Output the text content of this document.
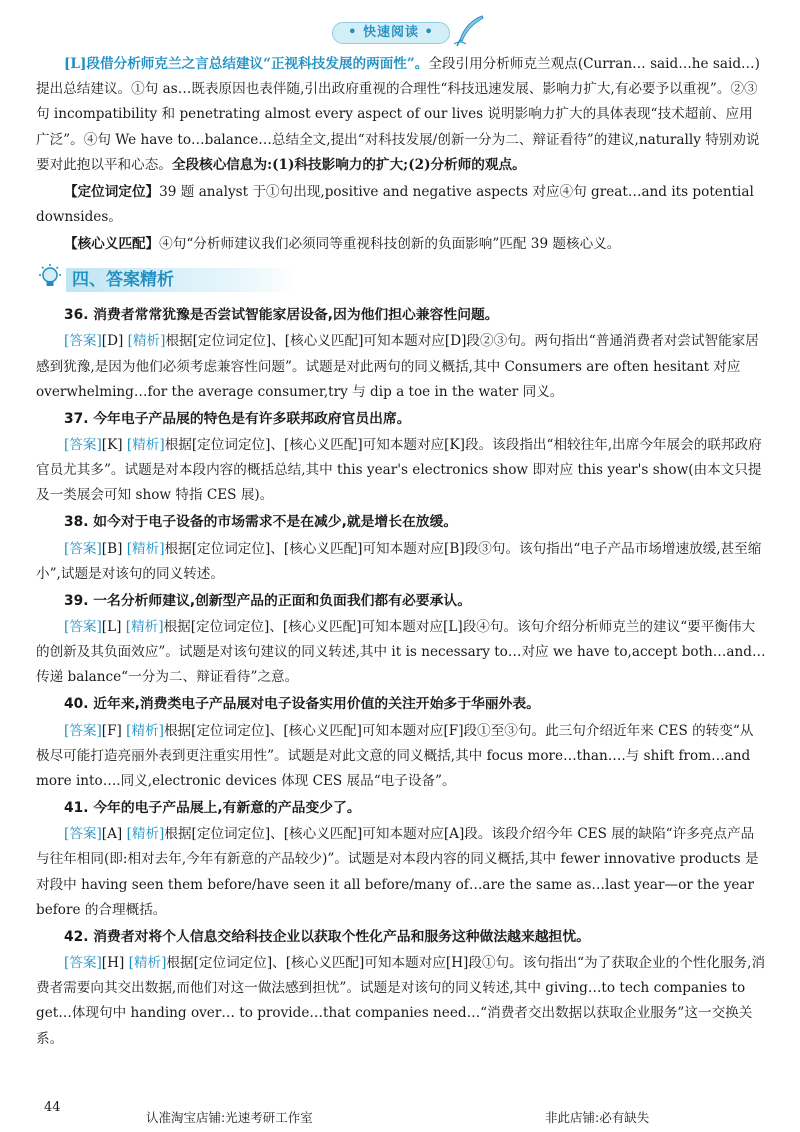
• 快速阅读 •

[L]段借分析师克兰之言总结建议“正视科技发展的两面性”。全段引用分析师克兰观点(Curran… said…he said…)提出总结建议。①句 as…既表原因也表伴随,引出政府重视的合理性“科技迅速发展、影响力扩大,有必要予以重视”。②③句 incompatibility 和 penetrating almost every aspect of our lives 说明影响力扩大的具体表现“技术超前、应用广泛”。④句 We have to…balance…总结全文,提出“对科技发展/创新一分为二、辩证看待”的建议,naturally 特别劝说要对此抱以平和心态。全段核心信息为:(1)科技影响力的扩大;(2)分析师的观点。

【定位词定位】39 题 analyst 于①句出现,positive and negative aspects 对应④句 great…and its potential downsides。

【核心义匹配】④句“分析师建议我们必须同等重视科技创新的负面影响”匹配 39 题核心义。

四、答案精析

36. 消费者常常犹豫是否尝试智能家居设备,因为他们担心兼容性问题。

[答案][D] [精析]根据[定位词定位]、[核心义匹配]可知本题对应[D]段②③句。两句指出“普通消费者对尝试智能家居感到犹豫,是因为他们必须考虑兼容性问题”。试题是对此两句的同义概括,其中 Consumers are often hesitant 对应 overwhelming…for the average consumer,try 与 dip a toe in the water 同义。

37. 今年电子产品展的特色是有许多联邦政府官员出席。

[答案][K] [精析]根据[定位词定位]、[核心义匹配]可知本题对应[K]段。该段指出“相较往年,出席今年展会的联邦政府官员尤其多”。试题是对本段内容的概括总结,其中 this year's electronics show 即对应 this year's show(由本文只提及一类展会可知 show 特指 CES 展)。

38. 如今对于电子设备的市场需求不是在减少,就是增长在放缓。

[答案][B] [精析]根据[定位词定位]、[核心义匹配]可知本题对应[B]段③句。该句指出“电子产品市场增速放缓,甚至缩小”,试题是对该句的同义转述。

39. 一名分析师建议,创新型产品的正面和负面我们都有必要承认。

[答案][L] [精析]根据[定位词定位]、[核心义匹配]可知本题对应[L]段④句。该句介绍分析师克兰的建议“要平衡伟大的创新及其负面效应”。试题是对该句建议的同义转述,其中 it is necessary to…对应 we have to,accept both…and…传递 balance“一分为二、辩证看待”之意。

40. 近年来,消费类电子产品展对电子设备实用价值的关注开始多于华丽外表。

[答案][F] [精析]根据[定位词定位]、[核心义匹配]可知本题对应[F]段①至③句。此三句介绍近年来 CES 的转变“从极尽可能打造亮丽外表到更注重实用性”。试题是对此文意的同义概括,其中 focus more…than….与 shift from…and more into….同义,electronic devices 体现 CES 展品“电子设备”。

41. 今年的电子产品展上,有新意的产品变少了。

[答案][A] [精析]根据[定位词定位]、[核心义匹配]可知本题对应[A]段。该段介绍今年 CES 展的缺陷“许多亮点产品与往年相同(即:相对去年,今年有新意的产品较少)”。试题是对本段内容的同义概括,其中 fewer innovative products 是对段中 having seen them before/have seen it all before/many of…are the same as…last year—or the year before 的合理概括。

42. 消费者对将个人信息交给科技企业以获取个性化产品和服务这种做法越来越担忧。

[答案][H] [精析]根据[定位词定位]、[核心义匹配]可知本题对应[H]段①句。该句指出“为了获取企业的个性化服务,消费者需要向其交出数据,而他们对这一做法感到担忧”。试题是对该句的同义转述,其中 giving…to tech companies to get…体现句中 handing over… to provide…that companies need…“消费者交出数据以获取企业服务”这一交换关系。

44
认准淘宝店铺:光速考研工作室	非此店铺:必有缺失
